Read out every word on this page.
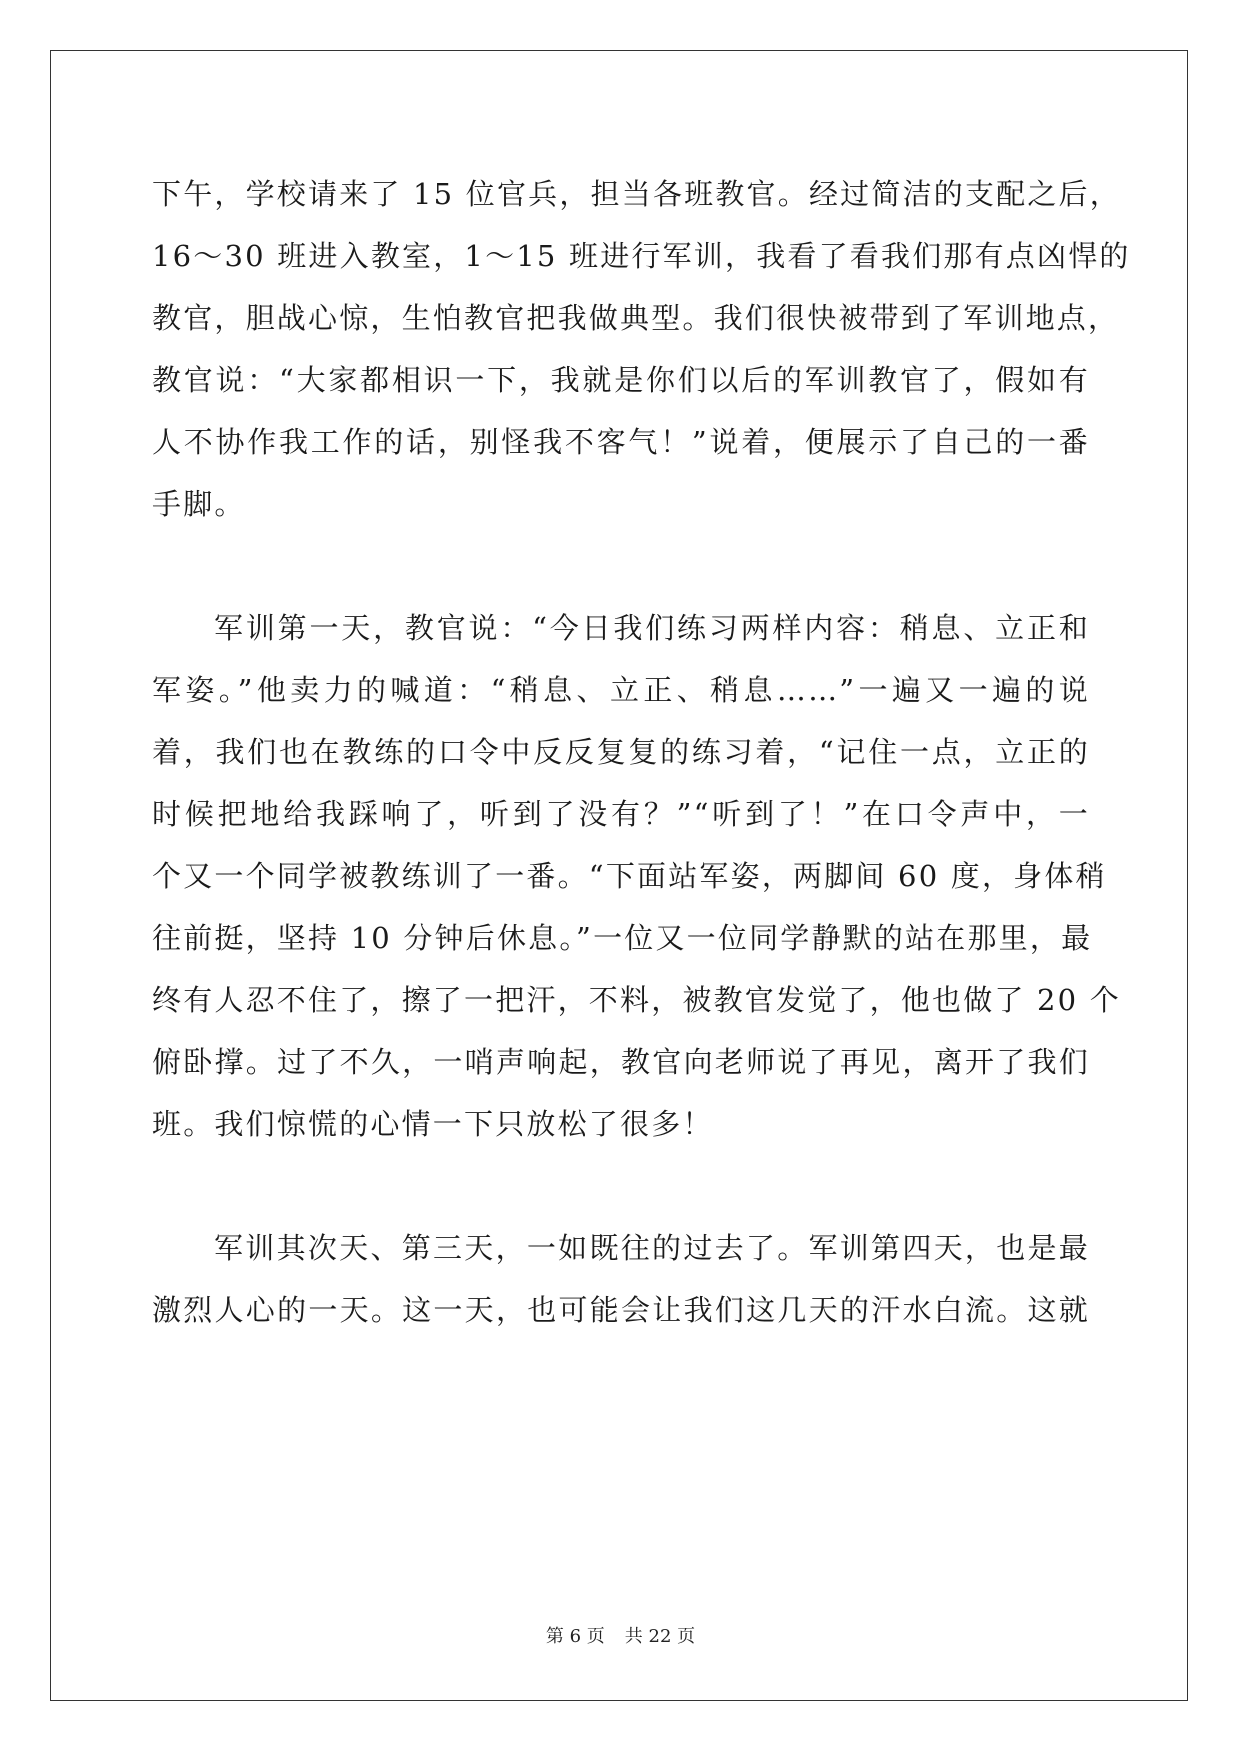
下午，学校请来了 15 位官兵，担当各班教官。经过简洁的支配之后，
16～30 班进入教室，1～15 班进行军训，我看了看我们那有点凶悍的
教官，胆战心惊，生怕教官把我做典型。我们很快被带到了军训地点，
教官说：“大家都相识一下，我就是你们以后的军训教官了，假如有
人不协作我工作的话，别怪我不客气！”说着，便展示了自己的一番
手脚。
军训第一天，教官说：“今日我们练习两样内容：稍息、立正和
军姿。”他卖力的喊道：“稍息、立正、稍息……”一遍又一遍的说
着，我们也在教练的口令中反反复复的练习着，“记住一点，立正的
时候把地给我踩响了，听到了没有？”“听到了！”在口令声中，一
个又一个同学被教练训了一番。“下面站军姿，两脚间 60 度，身体稍
往前挺，坚持 10 分钟后休息。”一位又一位同学静默的站在那里，最
终有人忍不住了，擦了一把汗，不料，被教官发觉了，他也做了 20 个
俯卧撑。过了不久，一哨声响起，教官向老师说了再见，离开了我们
班。我们惊慌的心情一下只放松了很多！
军训其次天、第三天，一如既往的过去了。军训第四天，也是最
激烈人心的一天。这一天，也可能会让我们这几天的汗水白流。这就
第 6 页 共 22 页
